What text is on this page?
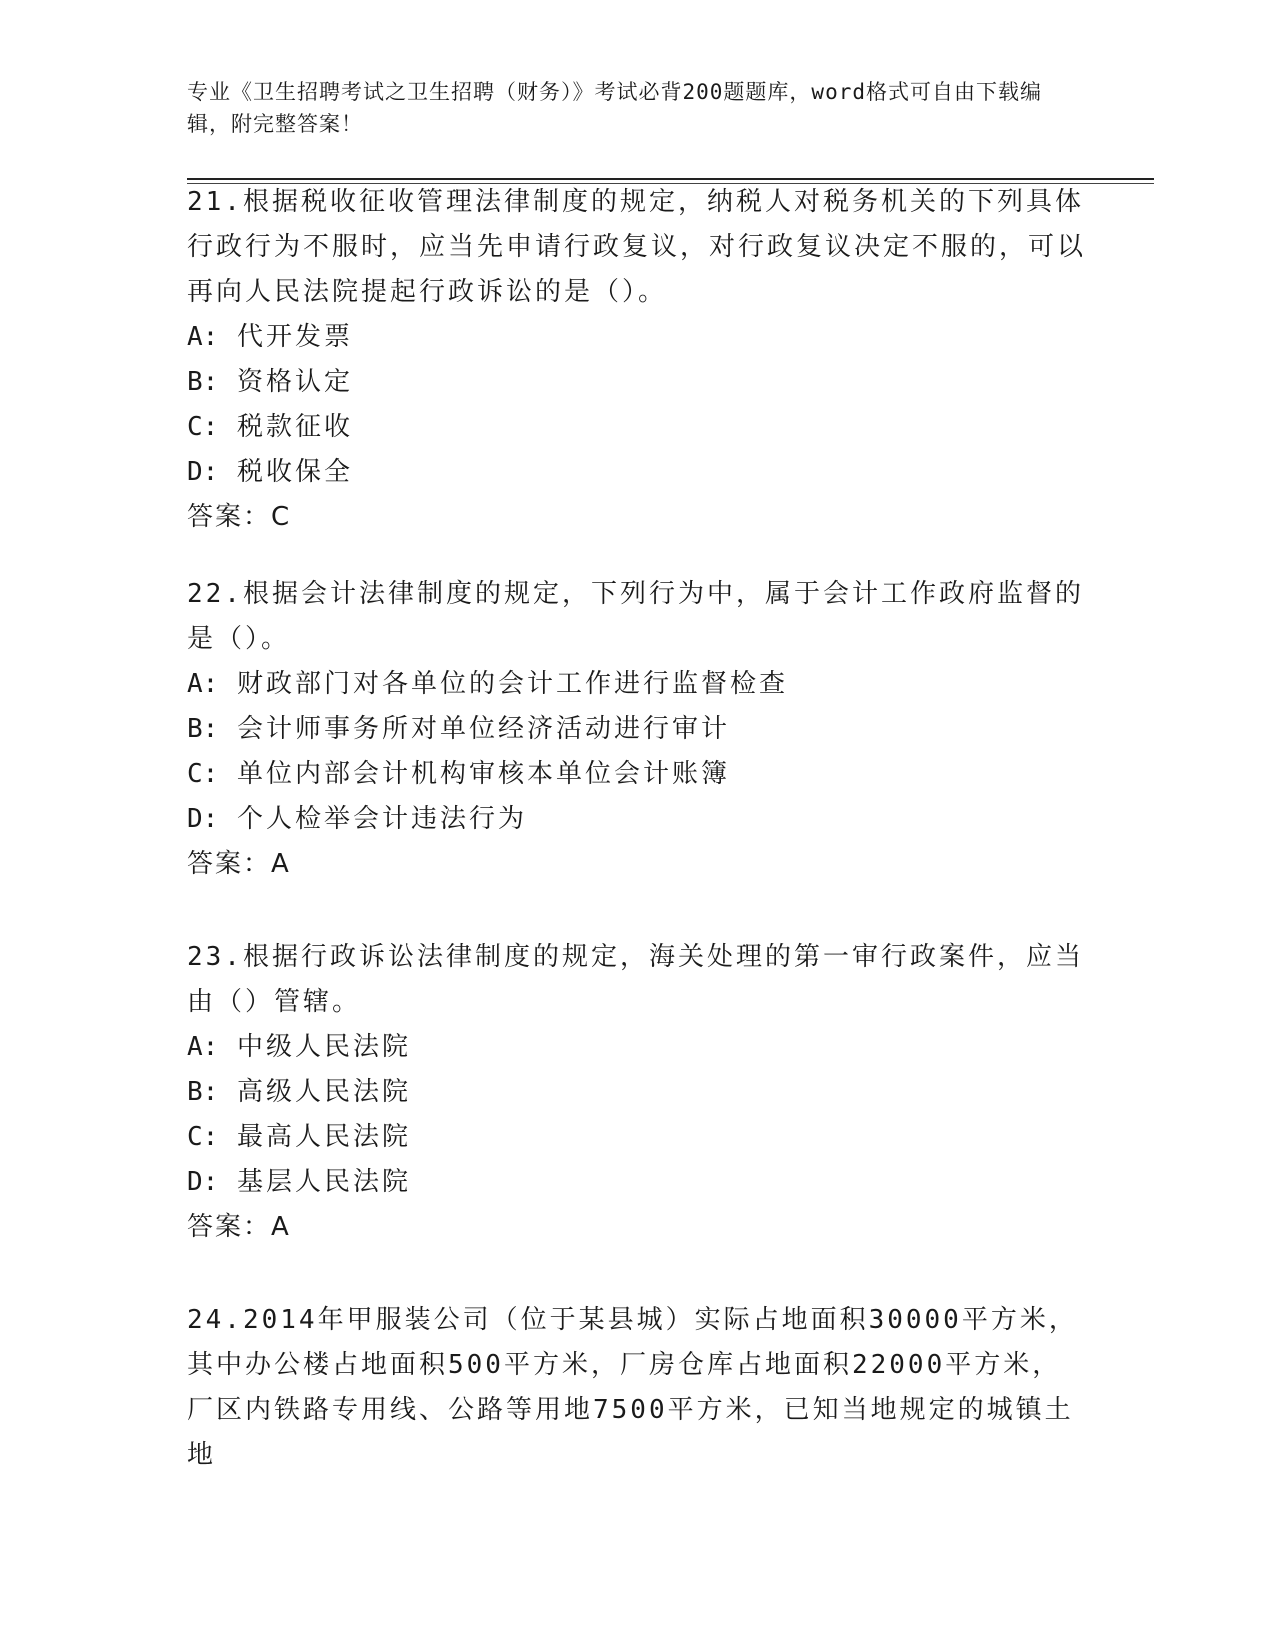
专业《卫生招聘考试之卫生招聘（财务）》考试必背200题题库，word格式可自由下载编辑，附完整答案！

21.根据税收征收管理法律制度的规定，纳税人对税务机关的下列具体行政行为不服时，应当先申请行政复议，对行政复议决定不服的，可以再向人民法院提起行政诉讼的是（）。

A: 代开发票

B: 资格认定

C: 税款征收

D: 税收保全

答案：C

22.根据会计法律制度的规定，下列行为中，属于会计工作政府监督的是（）。

A: 财政部门对各单位的会计工作进行监督检查

B: 会计师事务所对单位经济活动进行审计

C: 单位内部会计机构审核本单位会计账簿

D: 个人检举会计违法行为

答案：A

23.根据行政诉讼法律制度的规定，海关处理的第一审行政案件，应当由（）管辖。

A: 中级人民法院

B: 高级人民法院

C: 最高人民法院

D: 基层人民法院

答案：A

24.2014年甲服装公司（位于某县城）实际占地面积30000平方米，其中办公楼占地面积500平方米，厂房仓库占地面积22000平方米，厂区内铁路专用线、公路等用地7500平方米，已知当地规定的城镇土地
